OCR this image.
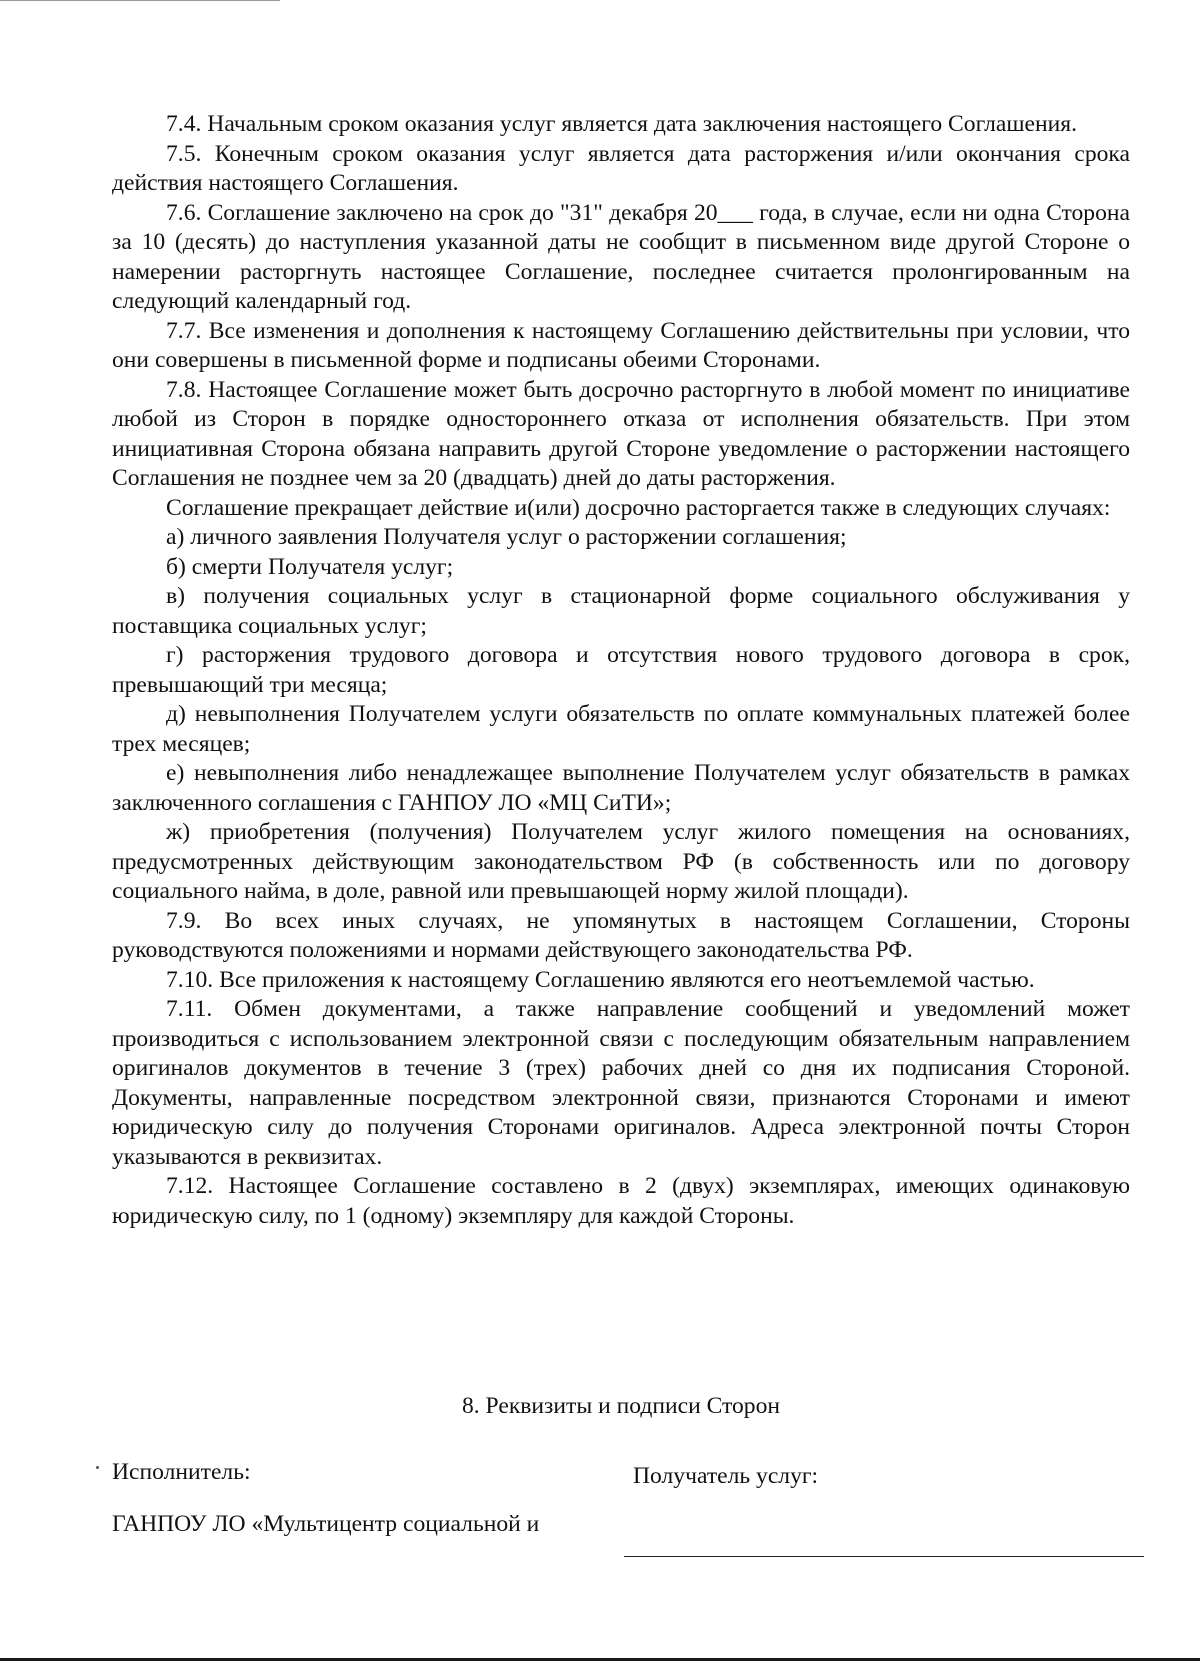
7.4. Начальным сроком оказания услуг является дата заключения настоящего Соглашения.

7.5. Конечным сроком оказания услуг является дата расторжения и/или окончания срока действия настоящего Соглашения.

7.6. Соглашение заключено на срок до "31" декабря 20___ года, в случае, если ни одна Сторона за 10 (десять) до наступления указанной даты не сообщит в письменном виде другой Стороне о намерении расторгнуть настоящее Соглашение, последнее считается пролонгированным на следующий календарный год.

7.7. Все изменения и дополнения к настоящему Соглашению действительны при условии, что они совершены в письменной форме и подписаны обеими Сторонами.

7.8. Настоящее Соглашение может быть досрочно расторгнуто в любой момент по инициативе любой из Сторон в порядке одностороннего отказа от исполнения обязательств. При этом инициативная Сторона обязана направить другой Стороне уведомление о расторжении настоящего Соглашения не позднее чем за 20 (двадцать) дней до даты расторжения.

Соглашение прекращает действие и(или) досрочно расторгается также в следующих случаях:

а) личного заявления Получателя услуг о расторжении соглашения;

б) смерти Получателя услуг;

в) получения социальных услуг в стационарной форме социального обслуживания у поставщика социальных услуг;

г) расторжения трудового договора и отсутствия нового трудового договора в срок, превышающий три месяца;

д) невыполнения Получателем услуги обязательств по оплате коммунальных платежей более трех месяцев;

е) невыполнения либо ненадлежащее выполнение Получателем услуг обязательств в рамках заключенного соглашения с ГАНПОУ ЛО «МЦ СиТИ»;

ж) приобретения (получения) Получателем услуг жилого помещения на основаниях, предусмотренных действующим законодательством РФ (в собственность или по договору социального найма, в доле, равной или превышающей норму жилой площади).

7.9. Во всех иных случаях, не упомянутых в настоящем Соглашении, Стороны руководствуются положениями и нормами действующего законодательства РФ.

7.10. Все приложения к настоящему Соглашению являются его неотъемлемой частью.

7.11. Обмен документами, а также направление сообщений и уведомлений может производиться с использованием электронной связи с последующим обязательным направлением оригиналов документов в течение 3 (трех) рабочих дней со дня их подписания Стороной. Документы, направленные посредством электронной связи, признаются Сторонами и имеют юридическую силу до получения Сторонами оригиналов. Адреса электронной почты Сторон указываются в реквизитах.

7.12. Настоящее Соглашение составлено в 2 (двух) экземплярах, имеющих одинаковую юридическую силу, по 1 (одному) экземпляру для каждой Стороны.

8. Реквизиты и подписи Сторон
Исполнитель:	Получатель услуг:
ГАНПОУ ЛО «Мультицентр социальной и
